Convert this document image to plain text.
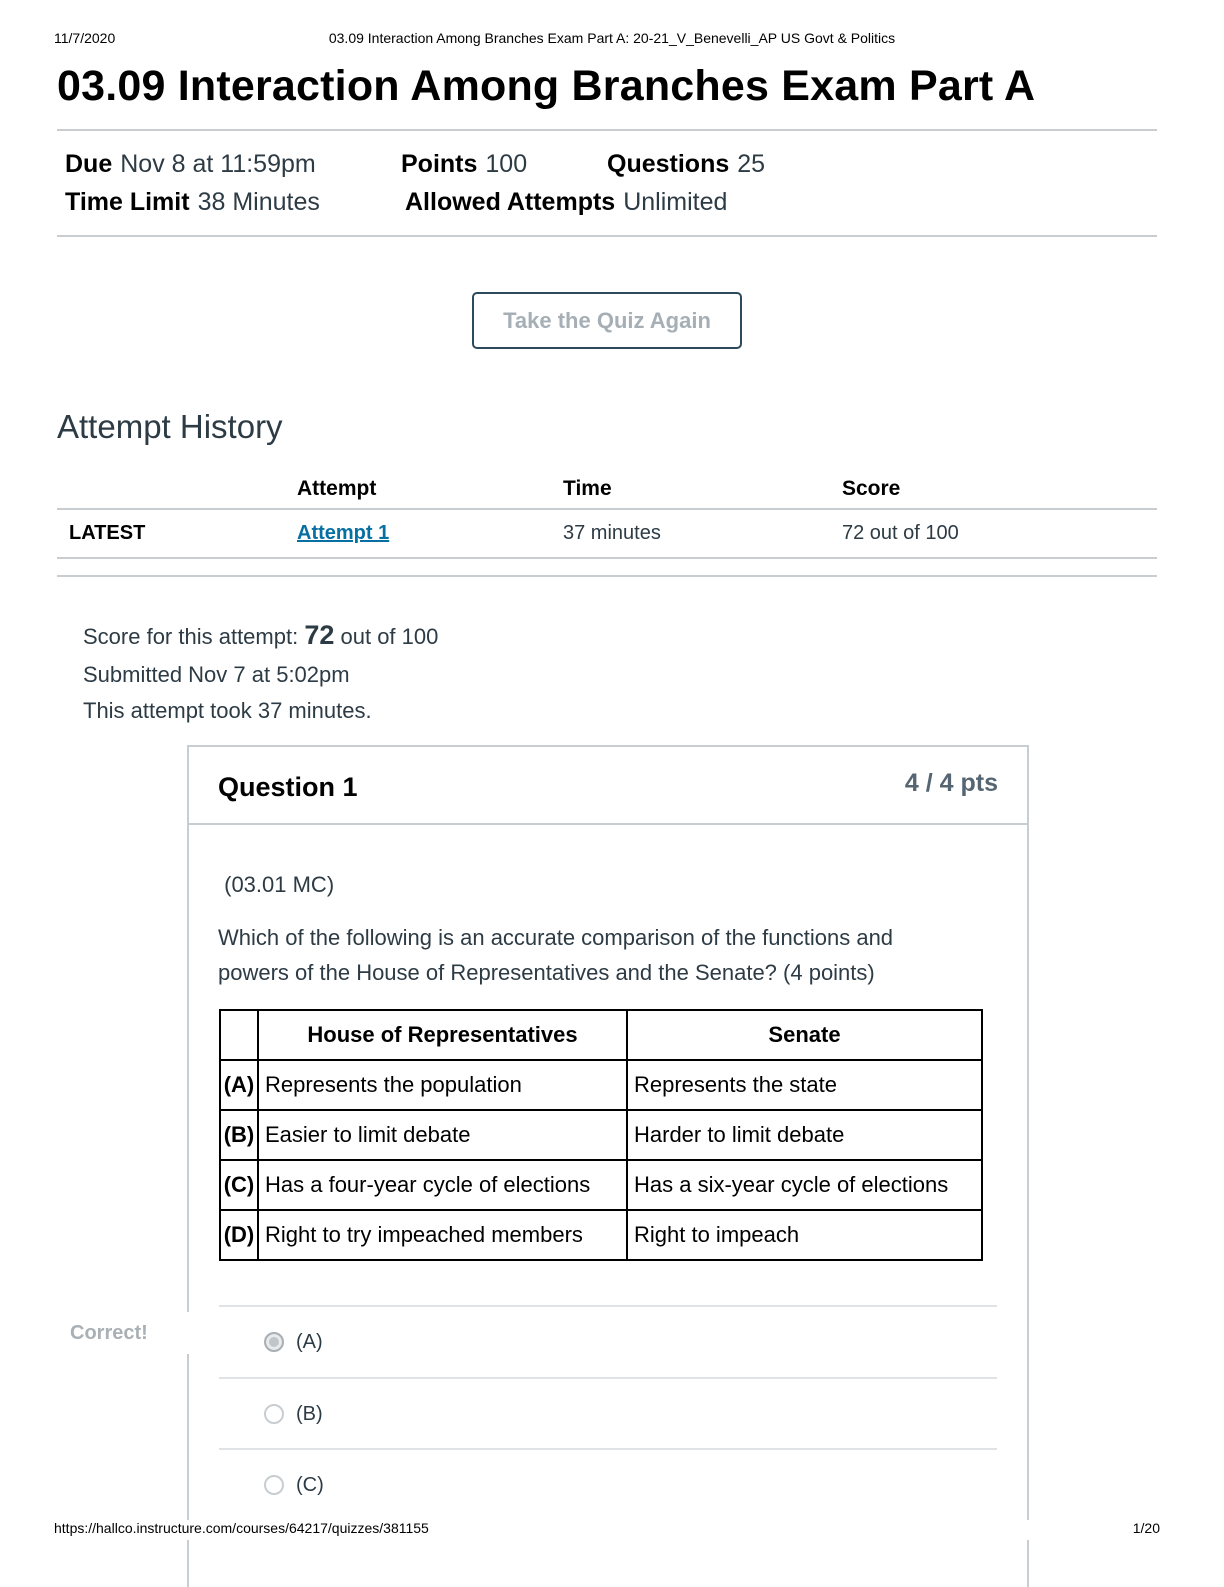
11/7/2020	03.09 Interaction Among Branches Exam Part A: 20-21_V_Benevelli_AP US Govt & Politics
03.09 Interaction Among Branches Exam Part A
Due Nov 8 at 11:59pm	Points 100	Questions 25
Time Limit 38 Minutes	Allowed Attempts Unlimited
Take the Quiz Again
Attempt History
	Attempt	Time	Score
LATEST	Attempt 1	37 minutes	72 out of 100

Score for this attempt: 72 out of 100
Submitted Nov 7 at 5:02pm
This attempt took 37 minutes.
Question 1	4 / 4 pts
(03.01 MC)
Which of the following is an accurate comparison of the functions and
powers of the House of Representatives and the Senate? (4 points)
	House of Representatives	Senate
(A)	Represents the population	Represents the state
(B)	Easier to limit debate	Harder to limit debate
(C)	Has a four-year cycle of elections	Has a six-year cycle of elections
(D)	Right to try impeached members	Right to impeach
(A)
(B)
(C)
Correct!
https://hallco.instructure.com/courses/64217/quizzes/381155	1/20
